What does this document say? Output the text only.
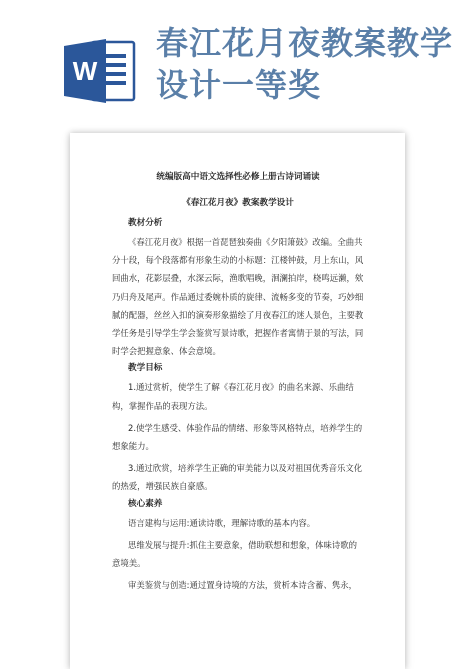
W
春江花月夜教案教学设计一等奖
统编版高中语文选择性必修上册古诗词诵读
《春江花月夜》教案教学设计
教材分析
《春江花月夜》根据一首琵琶独奏曲《夕阳箫鼓》改编。全曲共分十段，每个段落都有形象生动的小标题：江楼钟鼓，月上东山，风回曲水，花影层叠，水深云际，渔歌唱晚，洄澜拍岸，桡鸣远濑，欸乃归舟及尾声。作品通过委婉朴质的旋律、流畅多变的节奏，巧妙细腻的配器，丝丝入扣的演奏形象描绘了月夜春江的迷人景色，主要教学任务是引导学生学会鉴赏写景诗歌，把握作者寓情于景的写法，同时学会把握意象、体会意境。
教学目标
1.通过赏析，使学生了解《春江花月夜》的曲名来源、乐曲结构，掌握作品的表现方法。
2.使学生感受、体验作品的情绪、形象等风格特点，培养学生的想象能力。
3.通过欣赏，培养学生正确的审美能力以及对祖国优秀音乐文化的热爱，增强民族自豪感。
核心素养
语言建构与运用:通读诗歌，理解诗歌的基本内容。
思维发展与提升:抓住主要意象，借助联想和想象，体味诗歌的意境美。
审美鉴赏与创造:通过置身诗境的方法，赏析本诗含蓄、隽永，
